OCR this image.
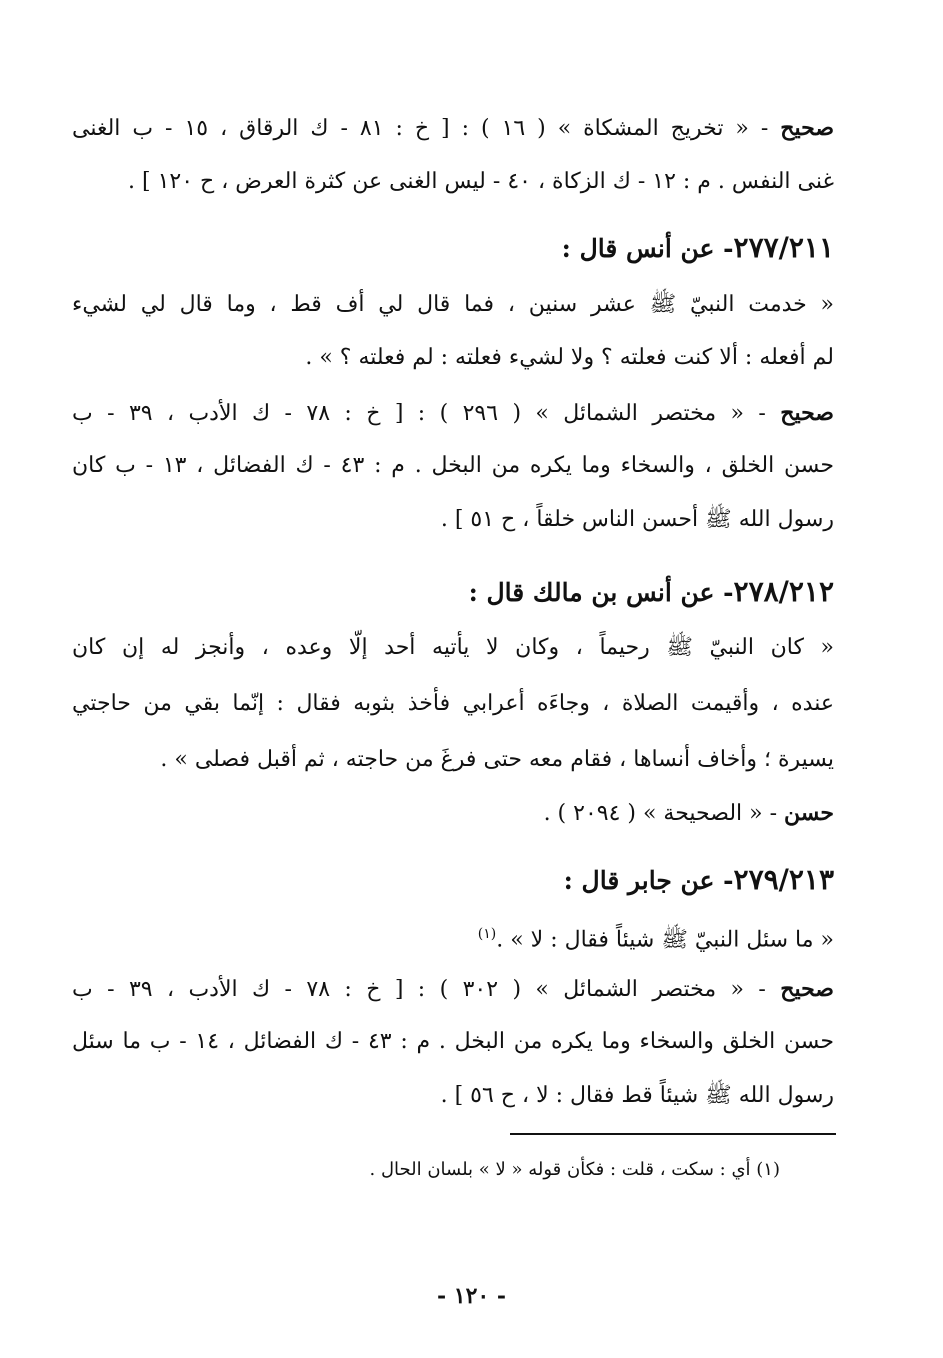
صحيح - « تخريج المشكاة » ( ١٦ ) : [ خ : ٨١ - ك الرقاق ، ١٥ - ب الغنى
غنى النفس . م : ١٢ - ك الزكاة ، ٤٠ - ليس الغنى عن كثرة العرض ، ح ١٢٠ ] .
٢٧٧/٢١١- عن أنس قال :
« خدمت النبيّ ﷺ عشر سنين ، فما قال لي أف قط ، وما قال لي لشيء
لم أفعله : ألا كنت فعلته ؟ ولا لشيء فعلته : لم فعلته ؟ » .
صحيح - « مختصر الشمائل » ( ٢٩٦ ) : [ خ : ٧٨ - ك الأدب ، ٣٩ - ب
حسن الخلق ، والسخاء وما يكره من البخل . م : ٤٣ - ك الفضائل ، ١٣ - ب كان
رسول الله ﷺ أحسن الناس خلقاً ، ح ٥١ ] .
٢٧٨/٢١٢- عن أنس بن مالك قال :
« كان النبيّ ﷺ رحيماً ، وكان لا يأتيه أحد إلّا وعده ، وأنجز له إن كان
عنده ، وأقيمت الصلاة ، وجاءَه أعرابي فأخذ بثوبه فقال : إنّما بقي من حاجتي
يسيرة ؛ وأخاف أنساها ، فقام معه حتى فرغَ من حاجته ، ثم أقبل فصلى » .
حسن - « الصحيحة » ( ٢٠٩٤ ) .
٢٧٩/٢١٣- عن جابر قال :
« ما سئل النبيّ ﷺ شيئاً فقال : لا » .$^{(١)}$
صحيح - « مختصر الشمائل » ( ٣٠٢ ) : [ خ : ٧٨ - ك الأدب ، ٣٩ - ب
حسن الخلق والسخاء وما يكره من البخل . م : ٤٣ - ك الفضائل ، ١٤ - ب ما سئل
رسول الله ﷺ شيئاً قط فقال : لا ، ح ٥٦ ] .
(١) أي : سكت ، قلت : فكأن قوله « لا » بلسان الحال .
- ١٢٠ -
